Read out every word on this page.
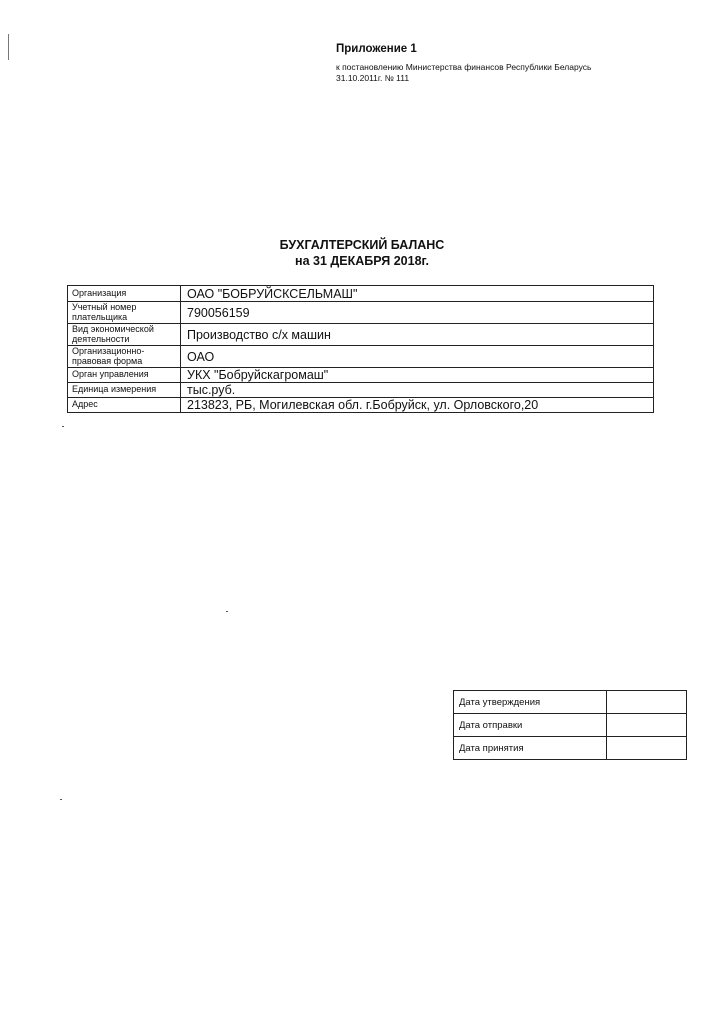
Приложение 1
к постановлению Министерства финансов Республики Беларусь
31.10.2011г. № 111
БУХГАЛТЕРСКИЙ БАЛАНС
на 31 ДЕКАБРЯ 2018г.
Организация	ОАО "БОБРУЙСКСЕЛЬМАШ"
Учетный номер плательщика	790056159
Вид экономической деятельности	Производство с/х машин
Организационно-правовая форма	ОАО
Орган управления	УКХ "Бобруйскагромаш"
Единица измерения	тыс.руб.
Адрес	213823, РБ, Могилевская обл. г.Бобруйск, ул. Орловского,20
Дата утверждения	
Дата отправки	
Дата принятия	
